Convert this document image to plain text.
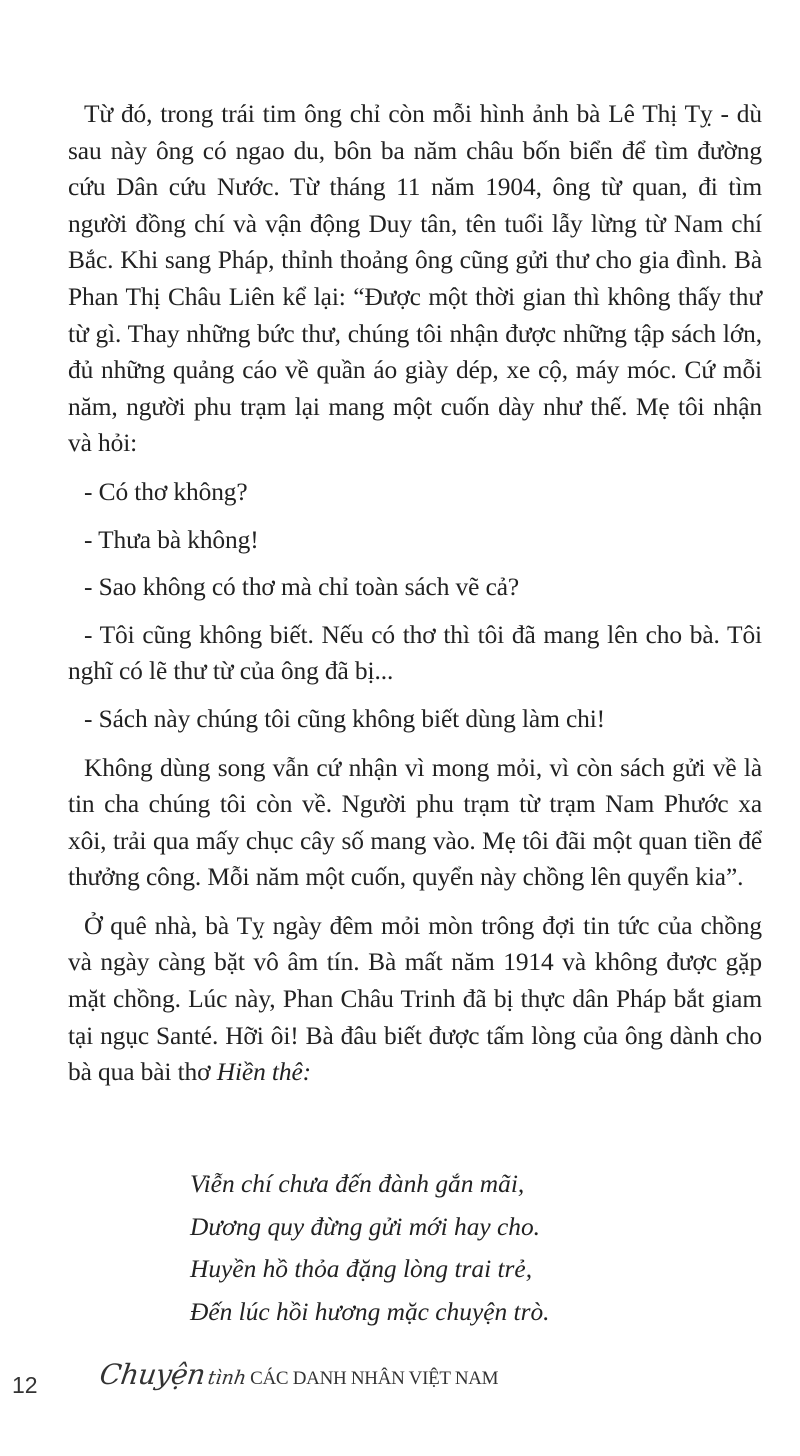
Từ đó, trong trái tim ông chỉ còn mỗi hình ảnh bà Lê Thị Tỵ - dù sau này ông có ngao du, bôn ba năm châu bốn biển để tìm đường cứu Dân cứu Nước. Từ tháng 11 năm 1904, ông từ quan, đi tìm người đồng chí và vận động Duy tân, tên tuổi lẫy lừng từ Nam chí Bắc. Khi sang Pháp, thỉnh thoảng ông cũng gửi thư cho gia đình. Bà Phan Thị Châu Liên kể lại: “Được một thời gian thì không thấy thư từ gì. Thay những bức thư, chúng tôi nhận được những tập sách lớn, đủ những quảng cáo về quần áo giày dép, xe cộ, máy móc. Cứ mỗi năm, người phu trạm lại mang một cuốn dày như thế. Mẹ tôi nhận và hỏi:

- Có thơ không?

- Thưa bà không!

- Sao không có thơ mà chỉ toàn sách vẽ cả?

- Tôi cũng không biết. Nếu có thơ thì tôi đã mang lên cho bà. Tôi nghĩ có lẽ thư từ của ông đã bị...

- Sách này chúng tôi cũng không biết dùng làm chi!

Không dùng song vẫn cứ nhận vì mong mỏi, vì còn sách gửi về là tin cha chúng tôi còn về. Người phu trạm từ trạm Nam Phước xa xôi, trải qua mấy chục cây số mang vào. Mẹ tôi đãi một quan tiền để thưởng công. Mỗi năm một cuốn, quyển này chồng lên quyển kia”.

Ở quê nhà, bà Tỵ ngày đêm mỏi mòn trông đợi tin tức của chồng và ngày càng bặt vô âm tín. Bà mất năm 1914 và không được gặp mặt chồng. Lúc này, Phan Châu Trinh đã bị thực dân Pháp bắt giam tại ngục Santé. Hỡi ôi! Bà đâu biết được tấm lòng của ông dành cho bà qua bài thơ Hiền thê:

Viễn chí chưa đến đành gắn mãi,
Dương quy đừng gửi mới hay cho.
Huyền hồ thỏa đặng lòng trai trẻ,
Đến lúc hồi hương mặc chuyện trò.
12 Chuyện tình CÁC DANH NHÂN VIỆT NAM
